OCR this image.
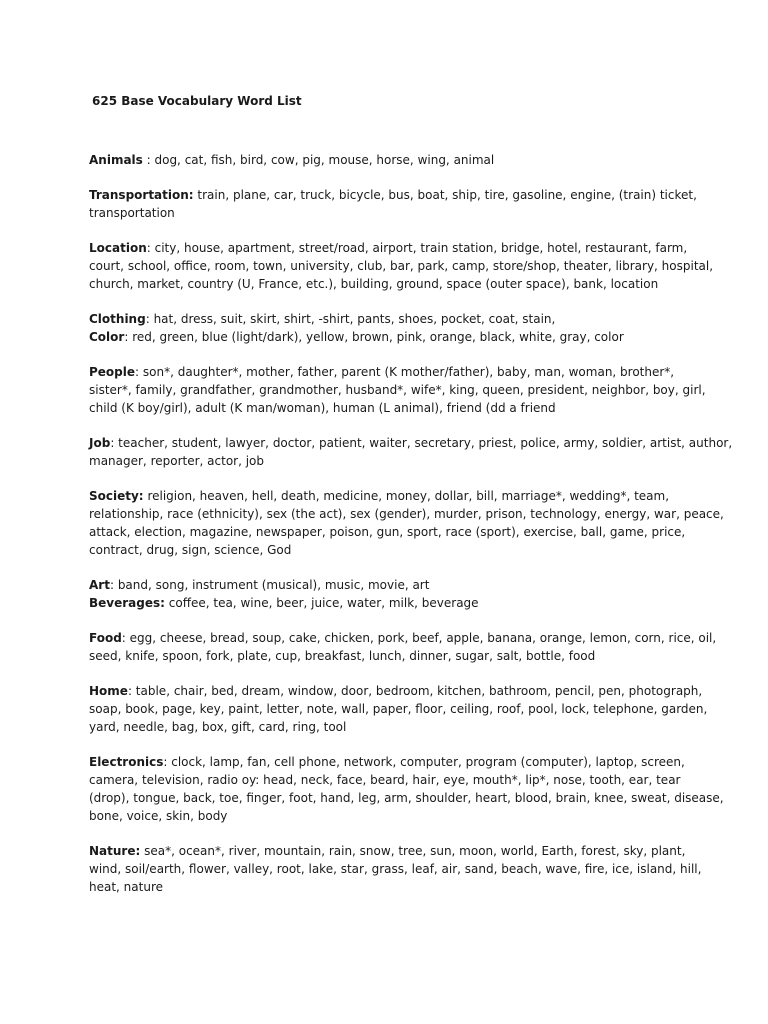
625 Base Vocabulary Word List

Animals : dog, cat, fish, bird, cow, pig, mouse, horse, wing, animal

Transportation: train, plane, car, truck, bicycle, bus, boat, ship, tire, gasoline, engine, (train) ticket,

transportation

Location: city, house, apartment, street/road, airport, train station, bridge, hotel, restaurant, farm,

court, school, office, room, town, university, club, bar, park, camp, store/shop, theater, library, hospital,

church, market, country (U, France, etc.), building, ground, space (outer space), bank, location

Clothing: hat, dress, suit, skirt, shirt, -shirt, pants, shoes, pocket, coat, stain,

Color: red, green, blue (light/dark), yellow, brown, pink, orange, black, white, gray, color

People: son*, daughter*, mother, father, parent (K mother/father), baby, man, woman, brother*,

sister*, family, grandfather, grandmother, husband*, wife*, king, queen, president, neighbor, boy, girl,

child (K boy/girl), adult (K man/woman), human (L animal), friend (dd a friend

Job: teacher, student, lawyer, doctor, patient, waiter, secretary, priest, police, army, soldier, artist, author,

manager, reporter, actor, job

Society: religion, heaven, hell, death, medicine, money, dollar, bill, marriage*, wedding*, team,

relationship, race (ethnicity), sex (the act), sex (gender), murder, prison, technology, energy, war, peace,

attack, election, magazine, newspaper, poison, gun, sport, race (sport), exercise, ball, game, price,

contract, drug, sign, science, God

Art: band, song, instrument (musical), music, movie, art

Beverages: coffee, tea, wine, beer, juice, water, milk, beverage

Food: egg, cheese, bread, soup, cake, chicken, pork, beef, apple, banana, orange, lemon, corn, rice, oil,

seed, knife, spoon, fork, plate, cup, breakfast, lunch, dinner, sugar, salt, bottle, food

Home: table, chair, bed, dream, window, door, bedroom, kitchen, bathroom, pencil, pen, photograph,

soap, book, page, key, paint, letter, note, wall, paper, floor, ceiling, roof, pool, lock, telephone, garden,

yard, needle, bag, box, gift, card, ring, tool

Electronics: clock, lamp, fan, cell phone, network, computer, program (computer), laptop, screen,

camera, television, radio oy: head, neck, face, beard, hair, eye, mouth*, lip*, nose, tooth, ear, tear

(drop), tongue, back, toe, finger, foot, hand, leg, arm, shoulder, heart, blood, brain, knee, sweat, disease,

bone, voice, skin, body

Nature: sea*, ocean*, river, mountain, rain, snow, tree, sun, moon, world, Earth, forest, sky, plant,

wind, soil/earth, flower, valley, root, lake, star, grass, leaf, air, sand, beach, wave, fire, ice, island, hill,

heat, nature
